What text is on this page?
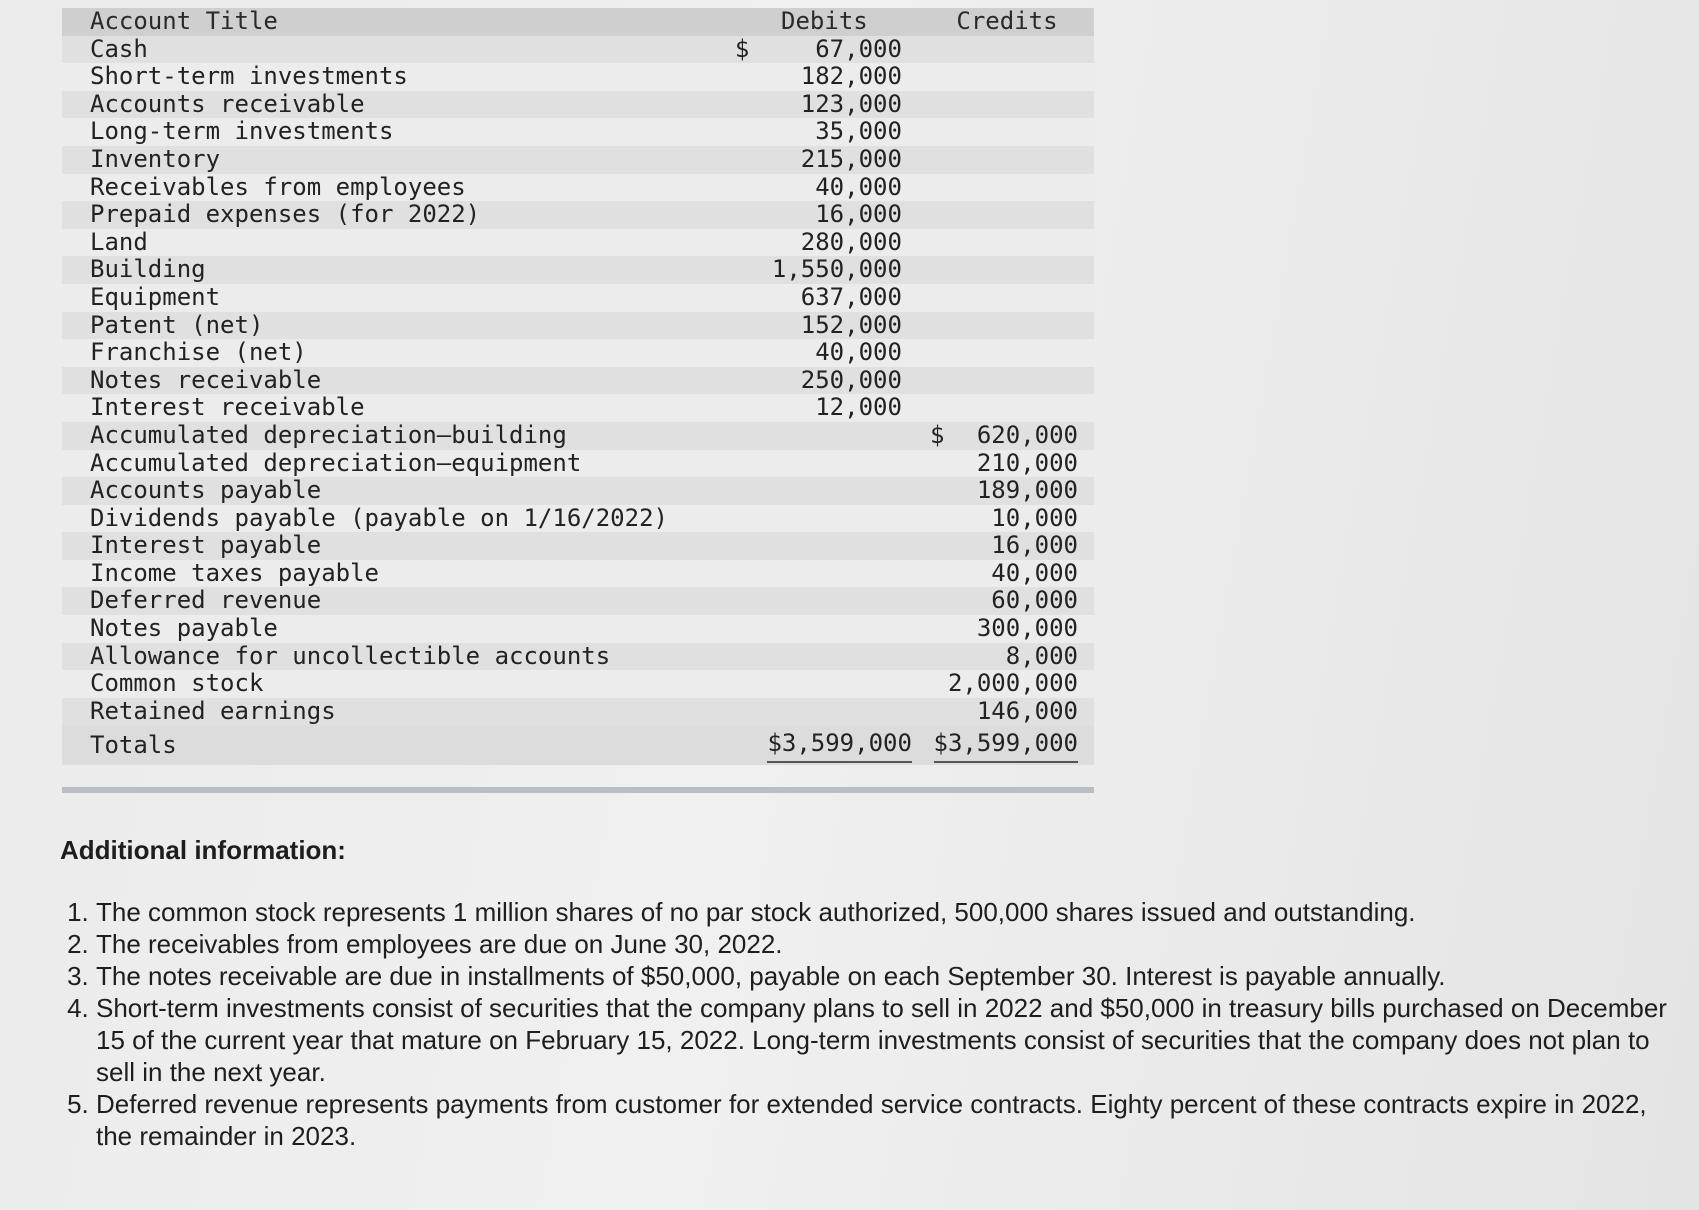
Account Title	Debits	Credits
Cash	$ 67,000	

Short-term investments	182,000	

Accounts receivable	123,000	

Long-term investments	35,000	

Inventory	215,000	

Receivables from employees	40,000	

Prepaid expenses (for 2022)	16,000	

Land	280,000	

Building	1,550,000	

Equipment	637,000	

Patent (net)	152,000	

Franchise (net)	40,000	

Notes receivable	250,000	

Interest receivable	12,000	

Accumulated depreciation—building		$ 620,000

Accumulated depreciation—equipment		210,000

Accounts payable		189,000

Dividends payable (payable on 1/16/2022)		10,000

Interest payable		16,000

Income taxes payable		40,000

Deferred revenue		60,000

Notes payable		300,000

Allowance for uncollectible accounts		8,000

Common stock		2,000,000

Retained earnings		146,000

Totals	$3,599,000	$3,599,000
Additional information:
1. The common stock represents 1 million shares of no par stock authorized, 500,000 shares issued and outstanding.
2. The receivables from employees are due on June 30, 2022.
3. The notes receivable are due in installments of $50,000, payable on each September 30. Interest is payable annually.
4. Short-term investments consist of securities that the company plans to sell in 2022 and $50,000 in treasury bills purchased on December 15 of the current year that mature on February 15, 2022. Long-term investments consist of securities that the company does not plan to sell in the next year.
5. Deferred revenue represents payments from customer for extended service contracts. Eighty percent of these contracts expire in 2022, the remainder in 2023.
